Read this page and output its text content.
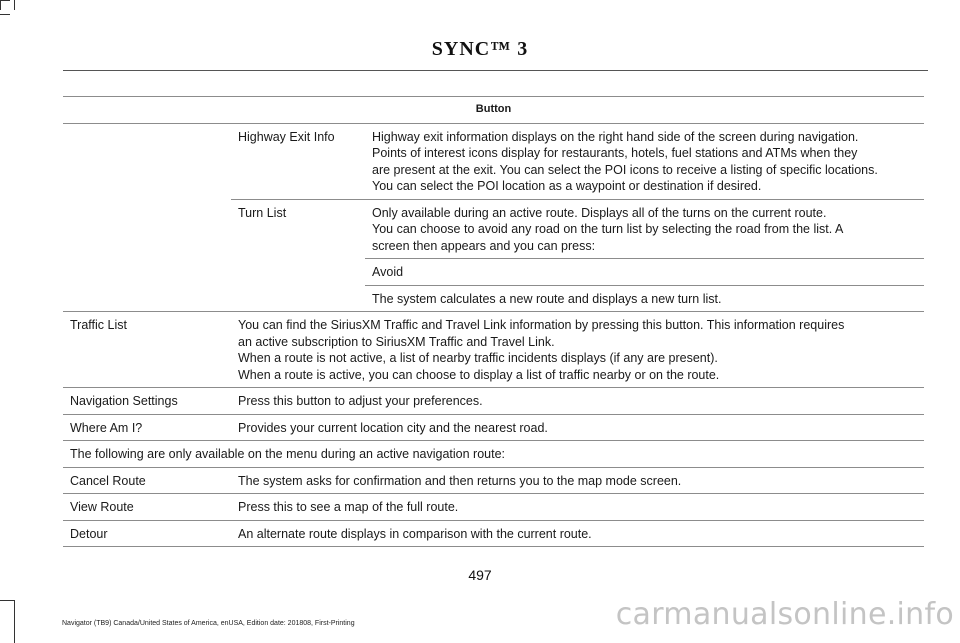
SYNC™ 3
Button		
	Highway Exit Info	Highway exit information displays on the right hand side of the screen during navigation.
Points of interest icons display for restaurants, hotels, fuel stations and ATMs when they
are present at the exit. You can select the POI icons to receive a listing of specific locations.
You can select the POI location as a waypoint or destination if desired.

	Turn List	Only available during an active route. Displays all of the turns on the current route.
You can choose to avoid any road on the turn list by selecting the road from the list. A
screen then appears and you can press:

		Avoid
		The system calculates a new route and displays a new turn list.
Traffic List	You can find the SiriusXM Traffic and Travel Link information by pressing this button. This information requires
an active subscription to SiriusXM Traffic and Travel Link.
When a route is not active, a list of nearby traffic incidents displays (if any are present).
When a route is active, you can choose to display a list of traffic nearby or on the route.	

Navigation Settings	Press this button to adjust your preferences.	
Where Am I?	Provides your current location city and the nearest road.	
The following are only available on the menu during an active navigation route:		
Cancel Route	The system asks for confirmation and then returns you to the map mode screen.	
View Route	Press this to see a map of the full route.	
Detour	An alternate route displays in comparison with the current route.	
497
Navigator (TB9) Canada/United States of America, enUSA, Edition date: 201808, First-Printing	carmanualsonline.info
